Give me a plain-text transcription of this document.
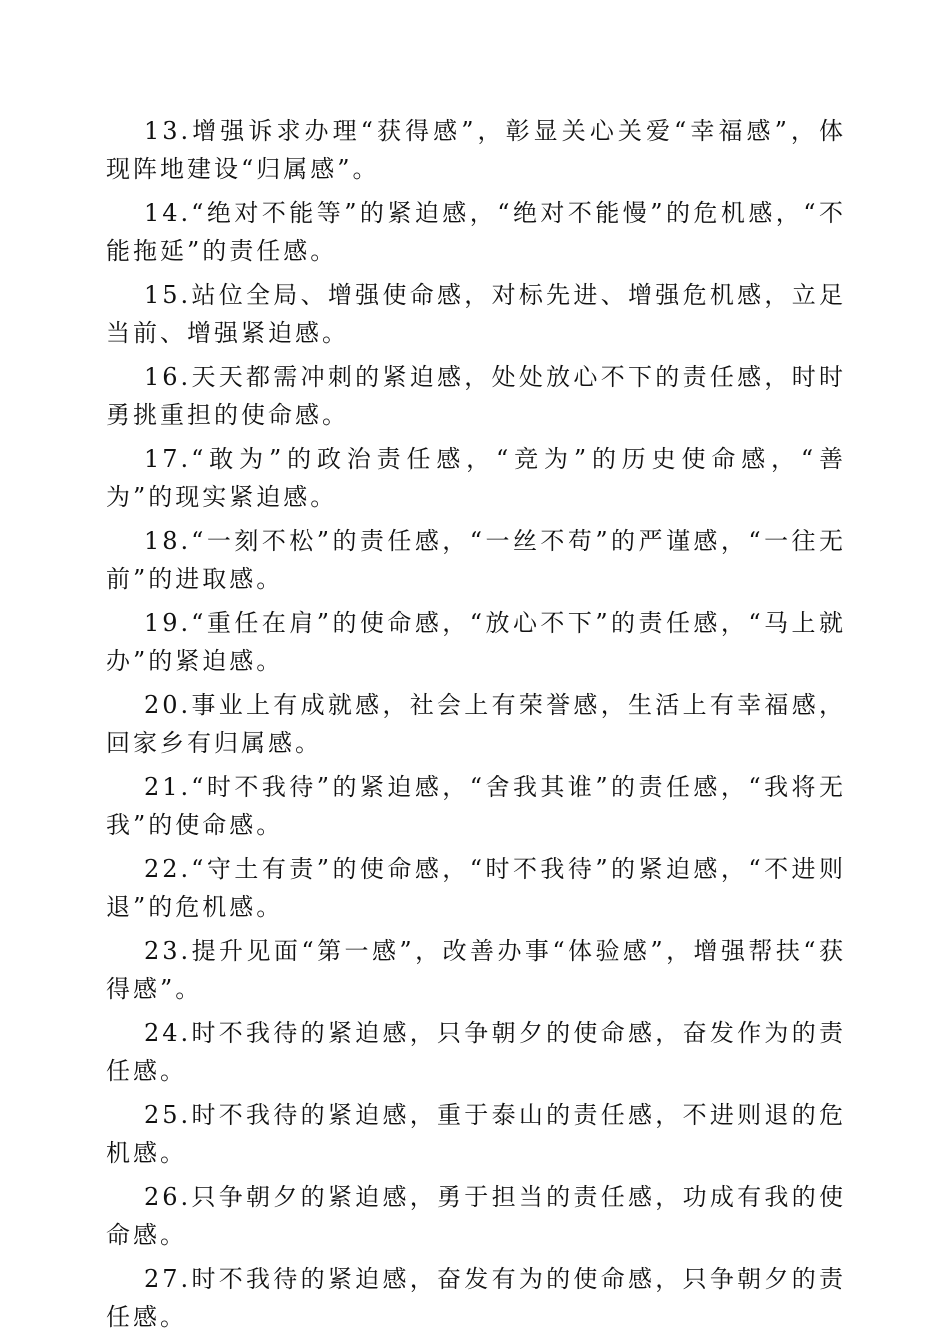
13.增强诉求办理“获得感”，彰显关心关爱“幸福感”，体现阵地建设“归属感”。

14.“绝对不能等”的紧迫感，“绝对不能慢”的危机感，“不能拖延”的责任感。

15.站位全局、增强使命感，对标先进、增强危机感，立足当前、增强紧迫感。

16.天天都需冲刺的紧迫感，处处放心不下的责任感，时时勇挑重担的使命感。

17.“敢为”的政治责任感，“竞为”的历史使命感，“善为”的现实紧迫感。

18.“一刻不松”的责任感，“一丝不苟”的严谨感，“一往无前”的进取感。

19.“重任在肩”的使命感，“放心不下”的责任感，“马上就办”的紧迫感。

20.事业上有成就感，社会上有荣誉感，生活上有幸福感，回家乡有归属感。

21.“时不我待”的紧迫感，“舍我其谁”的责任感，“我将无我”的使命感。

22.“守土有责”的使命感，“时不我待”的紧迫感，“不进则退”的危机感。

23.提升见面“第一感”，改善办事“体验感”，增强帮扶“获得感”。

24.时不我待的紧迫感，只争朝夕的使命感，奋发作为的责任感。

25.时不我待的紧迫感，重于泰山的责任感，不进则退的危机感。

26.只争朝夕的紧迫感，勇于担当的责任感，功成有我的使命感。

27.时不我待的紧迫感，奋发有为的使命感，只争朝夕的责任感。
